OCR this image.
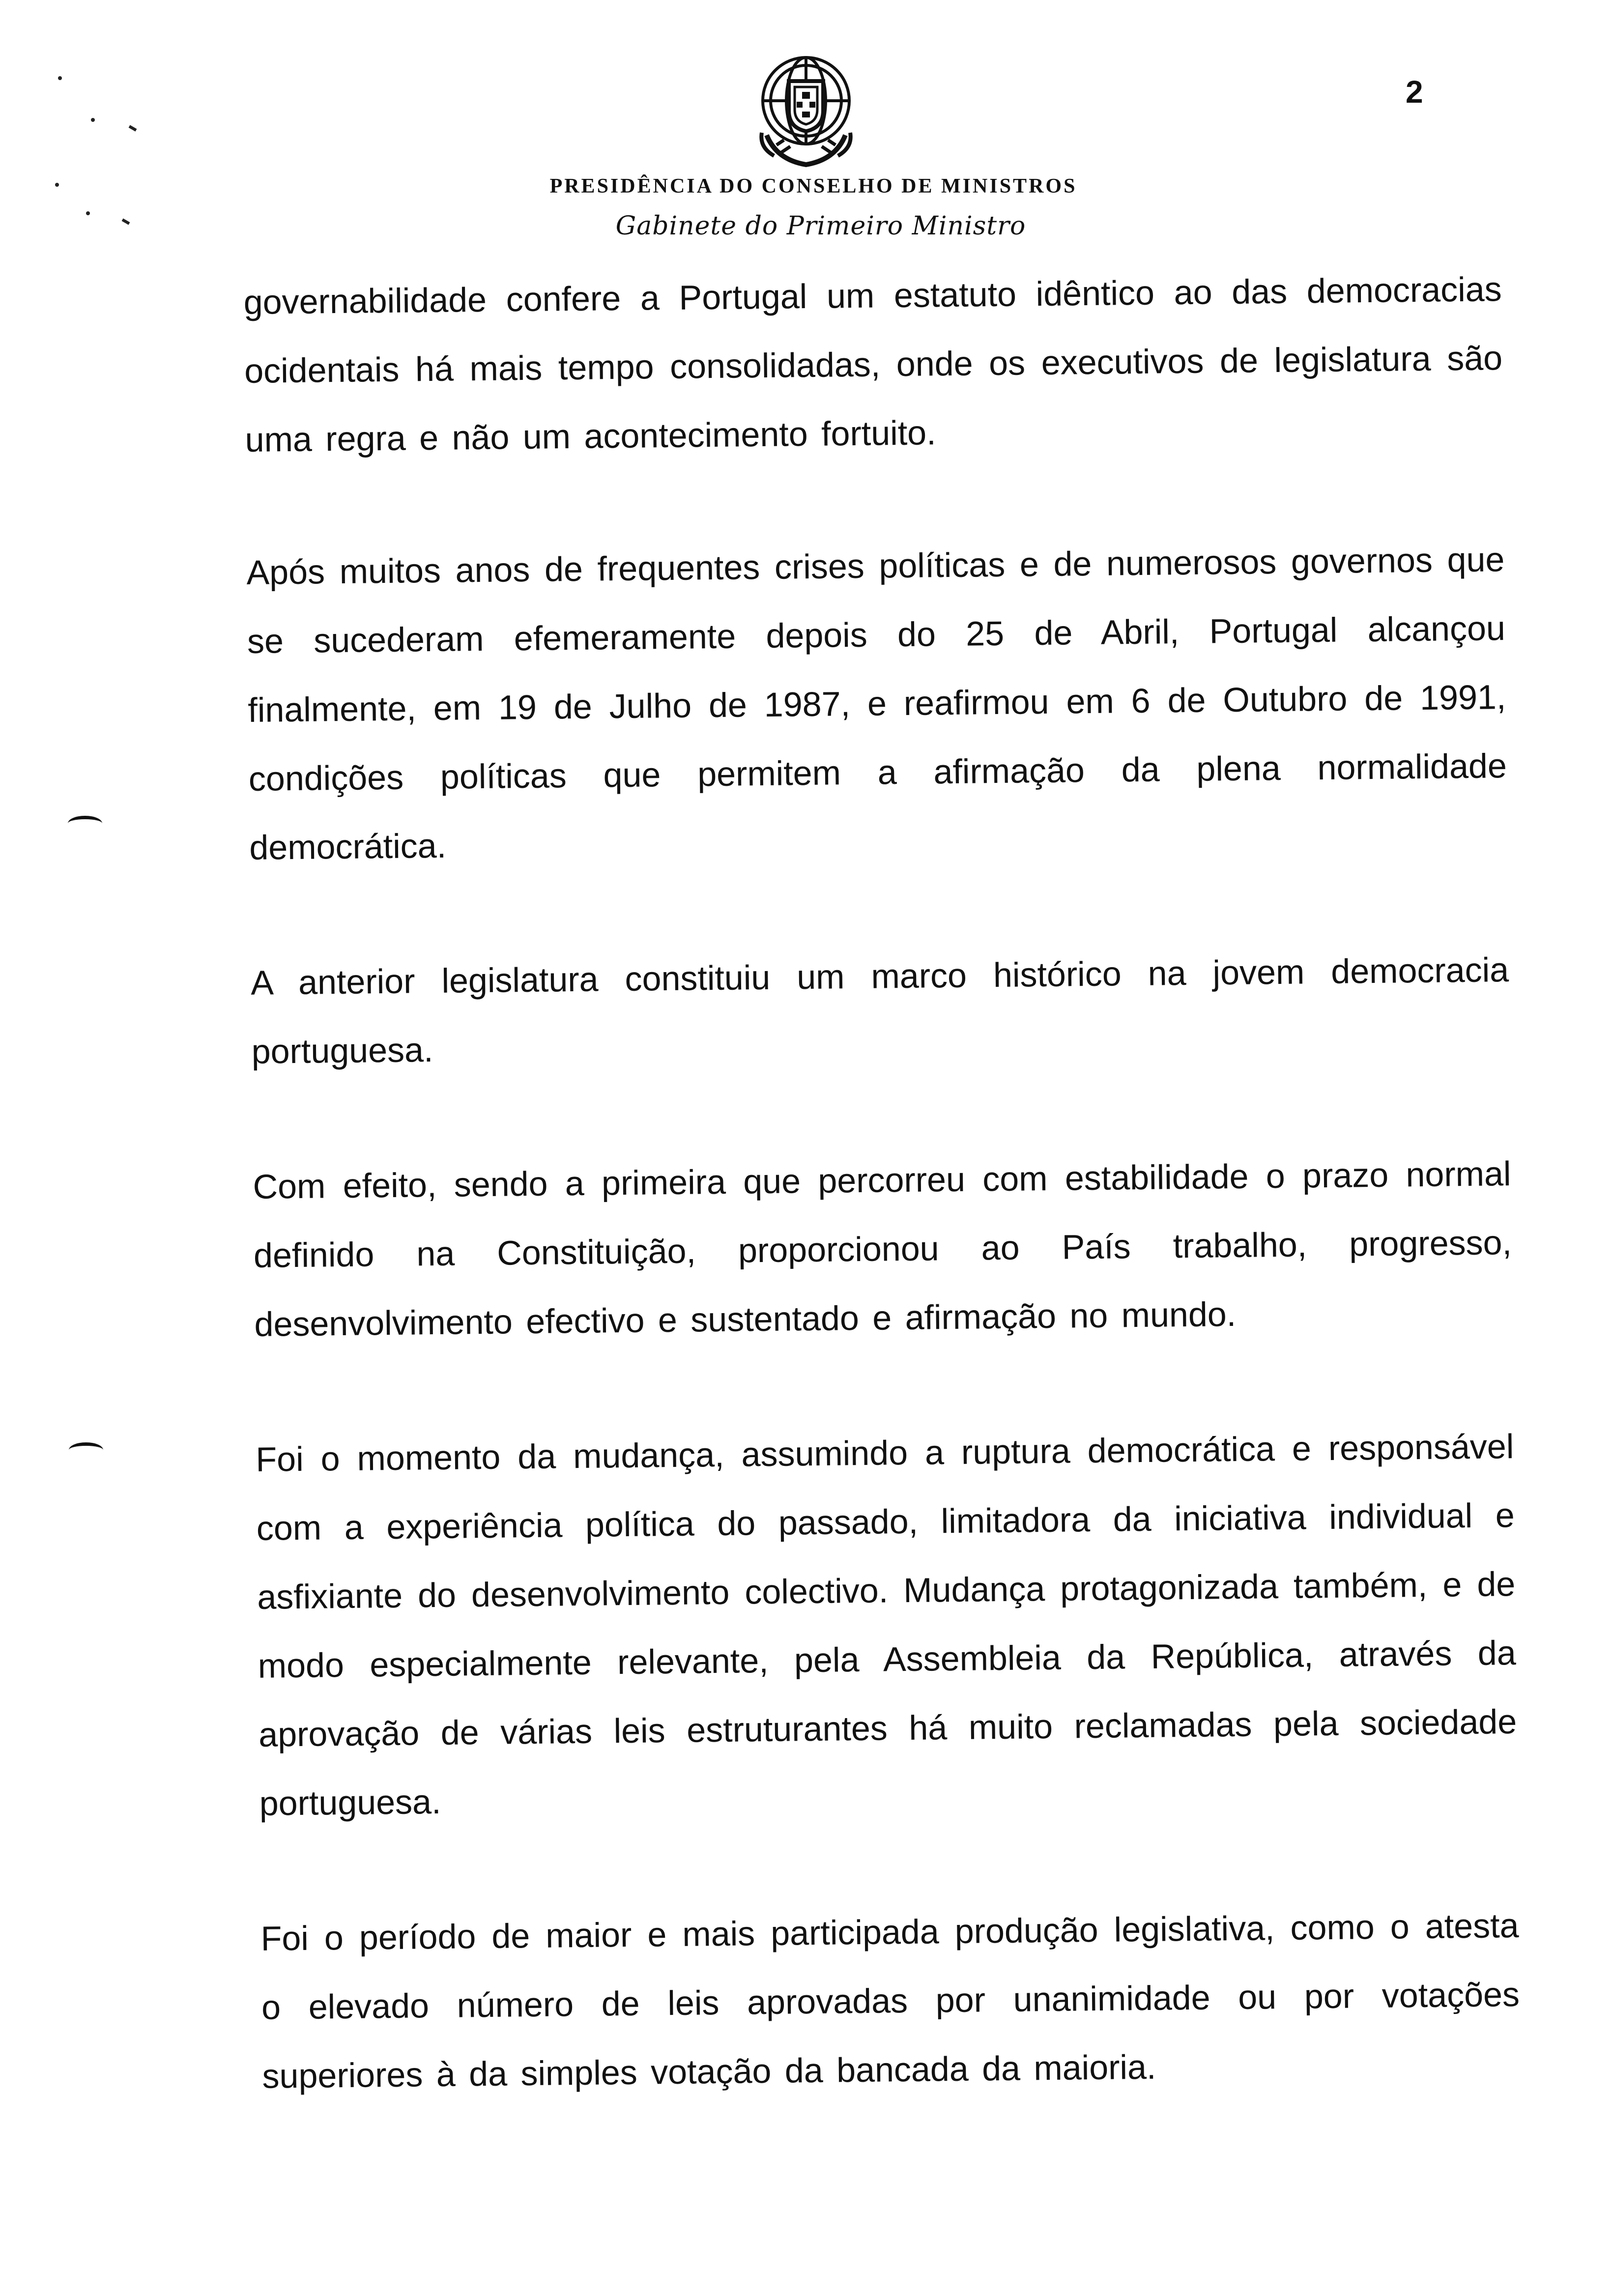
2
PRESIDÊNCIA DO CONSELHO DE MINISTROS
Gabinete do Primeiro Ministro

governabilidade confere a Portugal um estatuto idêntico ao das democracias ocidentais há mais tempo consolidadas, onde os executivos de legislatura são uma regra e não um acontecimento fortuito.

Após muitos anos de frequentes crises políticas e de numerosos governos que se sucederam efemeramente depois do 25 de Abril, Portugal alcançou finalmente, em 19 de Julho de 1987, e reafirmou em 6 de Outubro de 1991, condições políticas que permitem a afirmação da plena normalidade democrática.

A anterior legislatura constituiu um marco histórico na jovem democracia portuguesa.

Com efeito, sendo a primeira que percorreu com estabilidade o prazo normal definido na Constituição, proporcionou ao País trabalho, progresso, desenvolvimento efectivo e sustentado e afirmação no mundo.

Foi o momento da mudança, assumindo a ruptura democrática e responsável com a experiência política do passado, limitadora da iniciativa individual e asfixiante do desenvolvimento colectivo. Mudança protagonizada também, e de modo especialmente relevante, pela Assembleia da República, através da aprovação de várias leis estruturantes há muito reclamadas pela sociedade portuguesa.

Foi o período de maior e mais participada produção legislativa, como o atesta o elevado número de leis aprovadas por unanimidade ou por votações superiores à da simples votação da bancada da maioria.
